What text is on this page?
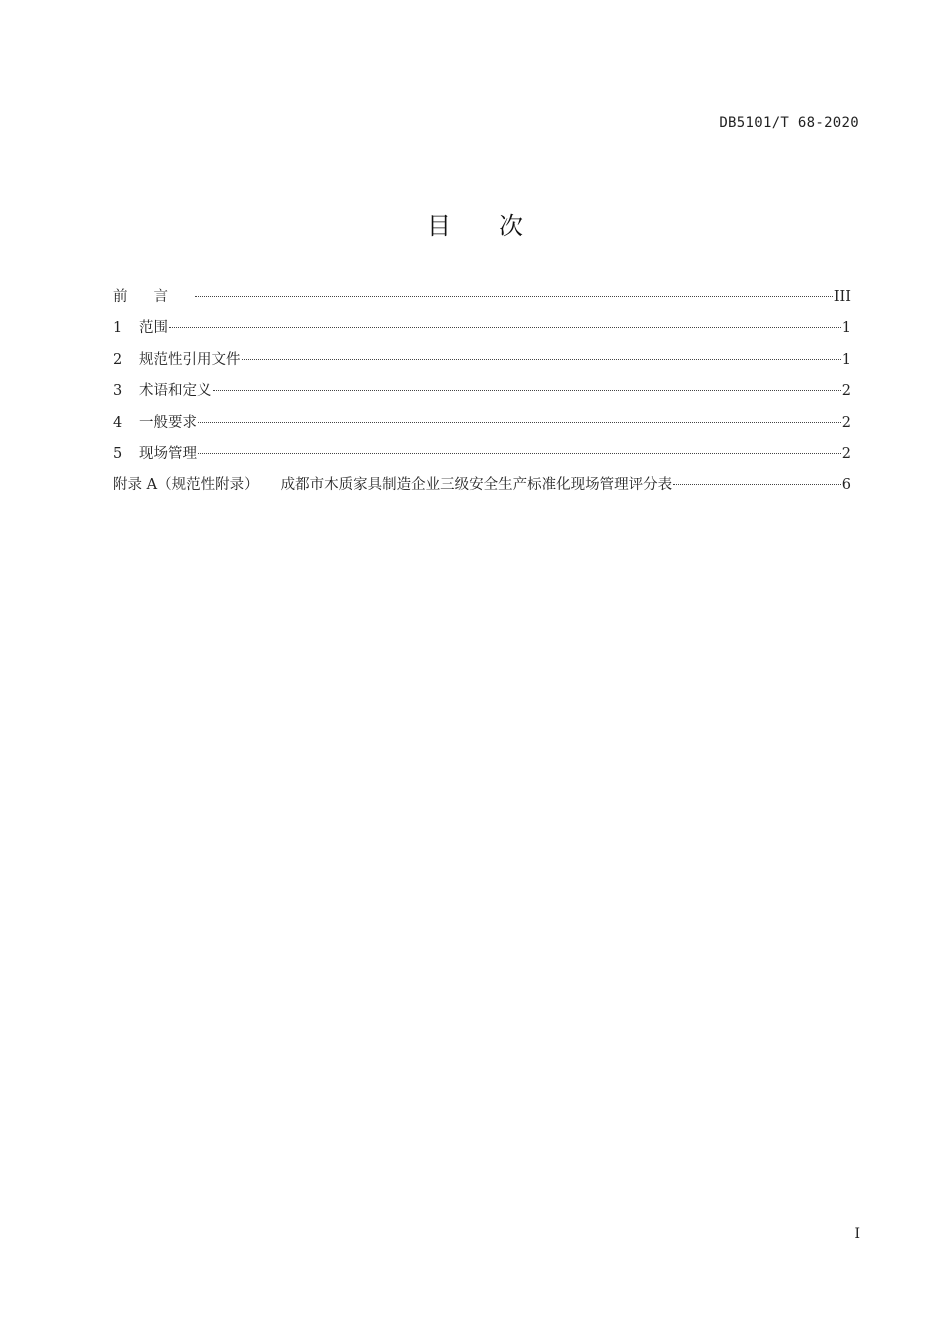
DB5101/T 68-2020
目次
前言	III
1	范围	1
2	规范性引用文件	1
3	术语和定义	2
4	一般要求	2
5	现场管理	2
附录 A（规范性附录） 成都市木质家具制造企业三级安全生产标准化现场管理评分表	6
I
